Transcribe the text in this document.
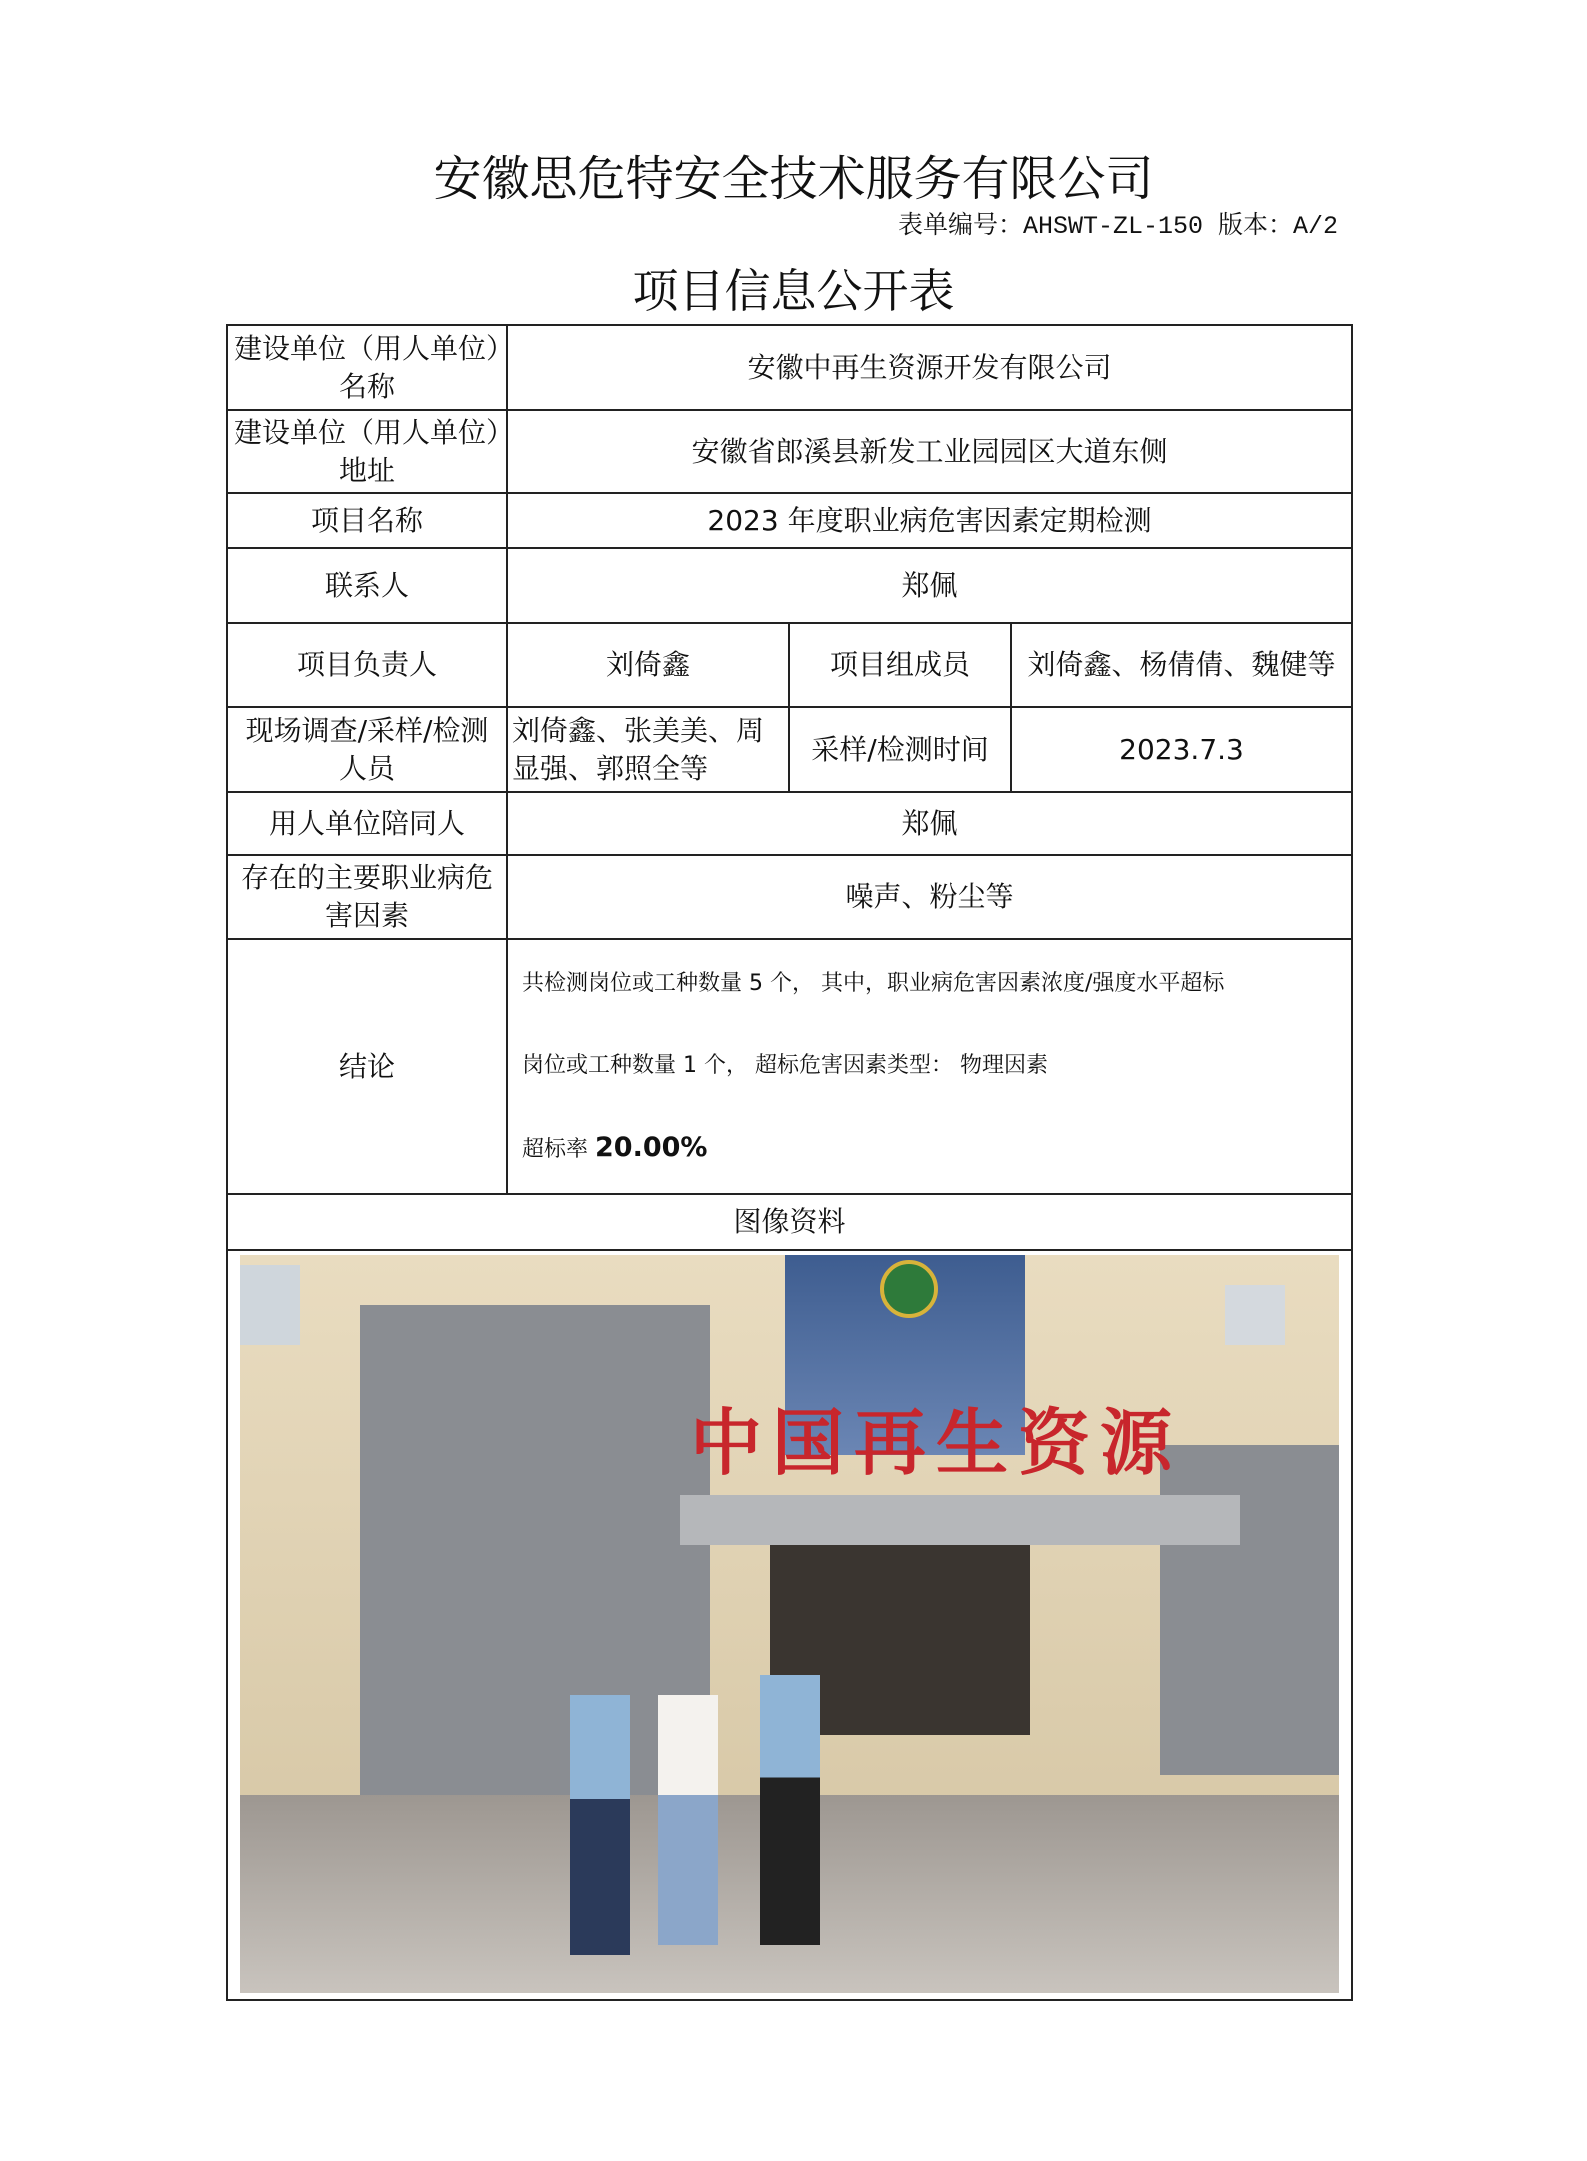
安徽思危特安全技术服务有限公司
表单编号：AHSWT-ZL-150 版本：A/2
项目信息公开表
建设单位（用人单位）名称	安徽中再生资源开发有限公司		
建设单位（用人单位）地址	安徽省郎溪县新发工业园园区大道东侧		
项目名称	2023 年度职业病危害因素定期检测		
联系人	郑佩		
项目负责人	刘倚鑫	项目组成员	刘倚鑫、杨倩倩、魏健等
现场调查/采样/检测人员	刘倚鑫、张美美、周显强、郭照全等	采样/检测时间	2023.7.3
用人单位陪同人	郑佩		
存在的主要职业病危害因素	噪声、粉尘等		
结论	共检测岗位或工种数量 5 个， 其中，职业病危害因素浓度/强度水平超标
岗位或工种数量 1 个， 超标危害因素类型： 物理因素
超标率 20.00%		

图像资料			

中国再生资源			
